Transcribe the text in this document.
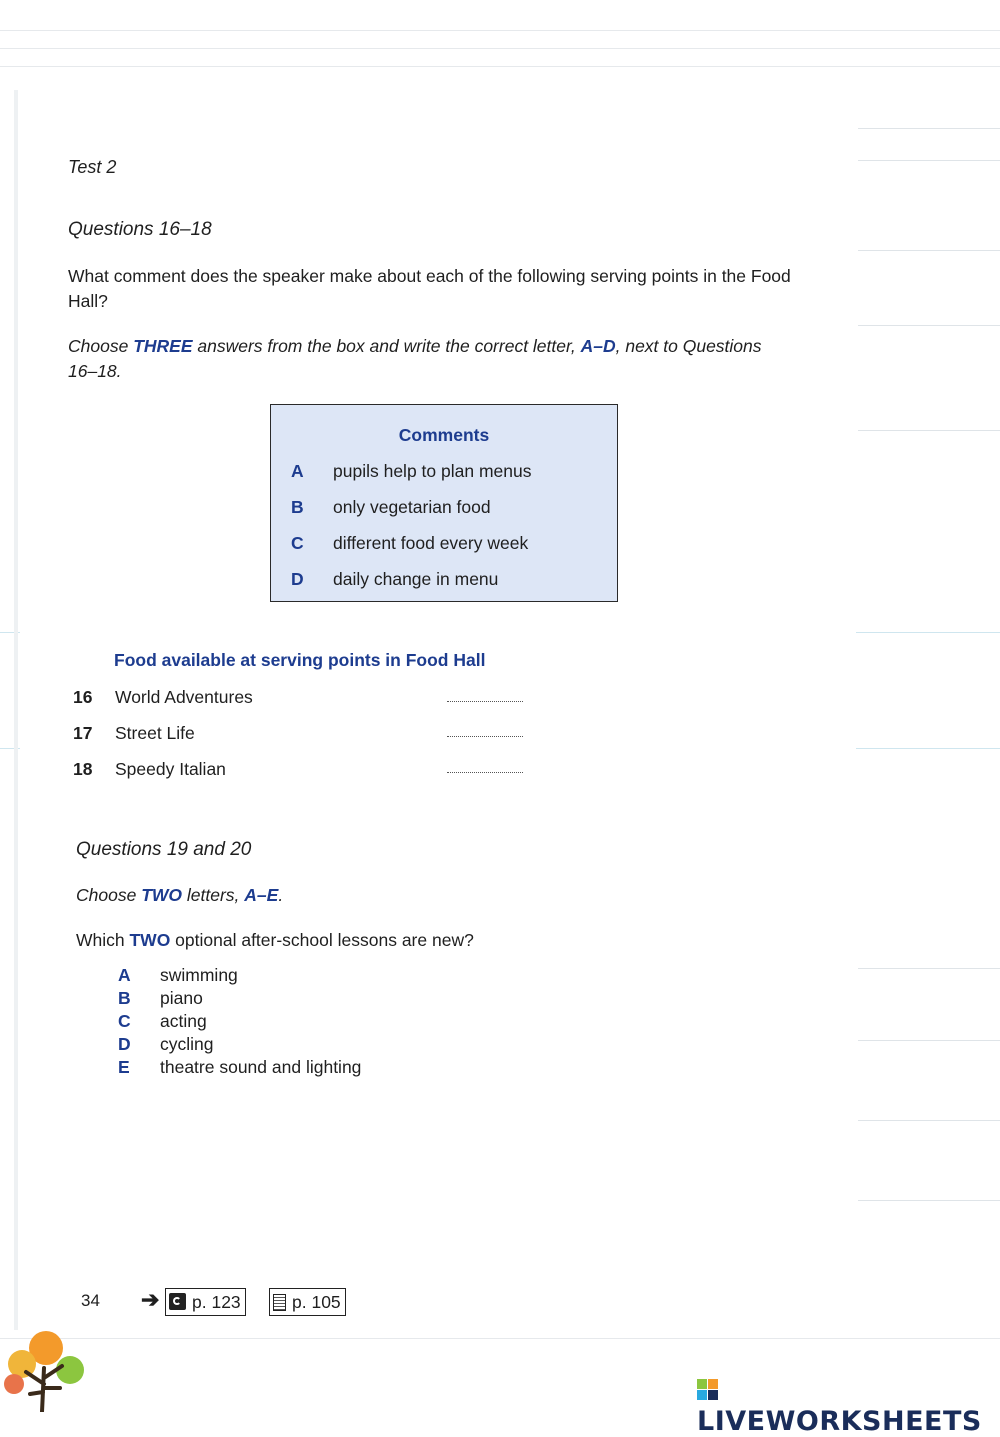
Test 2
Questions 16–18
What comment does the speaker make about each of the following serving points in the Food Hall?
Choose THREE answers from the box and write the correct letter, A–D, next to Questions 16–18.
Comments
A pupils help to plan menus
B only vegetarian food
C different food every week
D daily change in menu
Food available at serving points in Food Hall
16 World Adventures
17 Street Life
18 Speedy Italian
Questions 19 and 20
Choose TWO letters, A–E.
Which TWO optional after-school lessons are new?
A swimming
B piano
C acting
D cycling
E theatre sound and lighting
34 ➔	p. 123	p. 105
LIVEWORKSHEETS
